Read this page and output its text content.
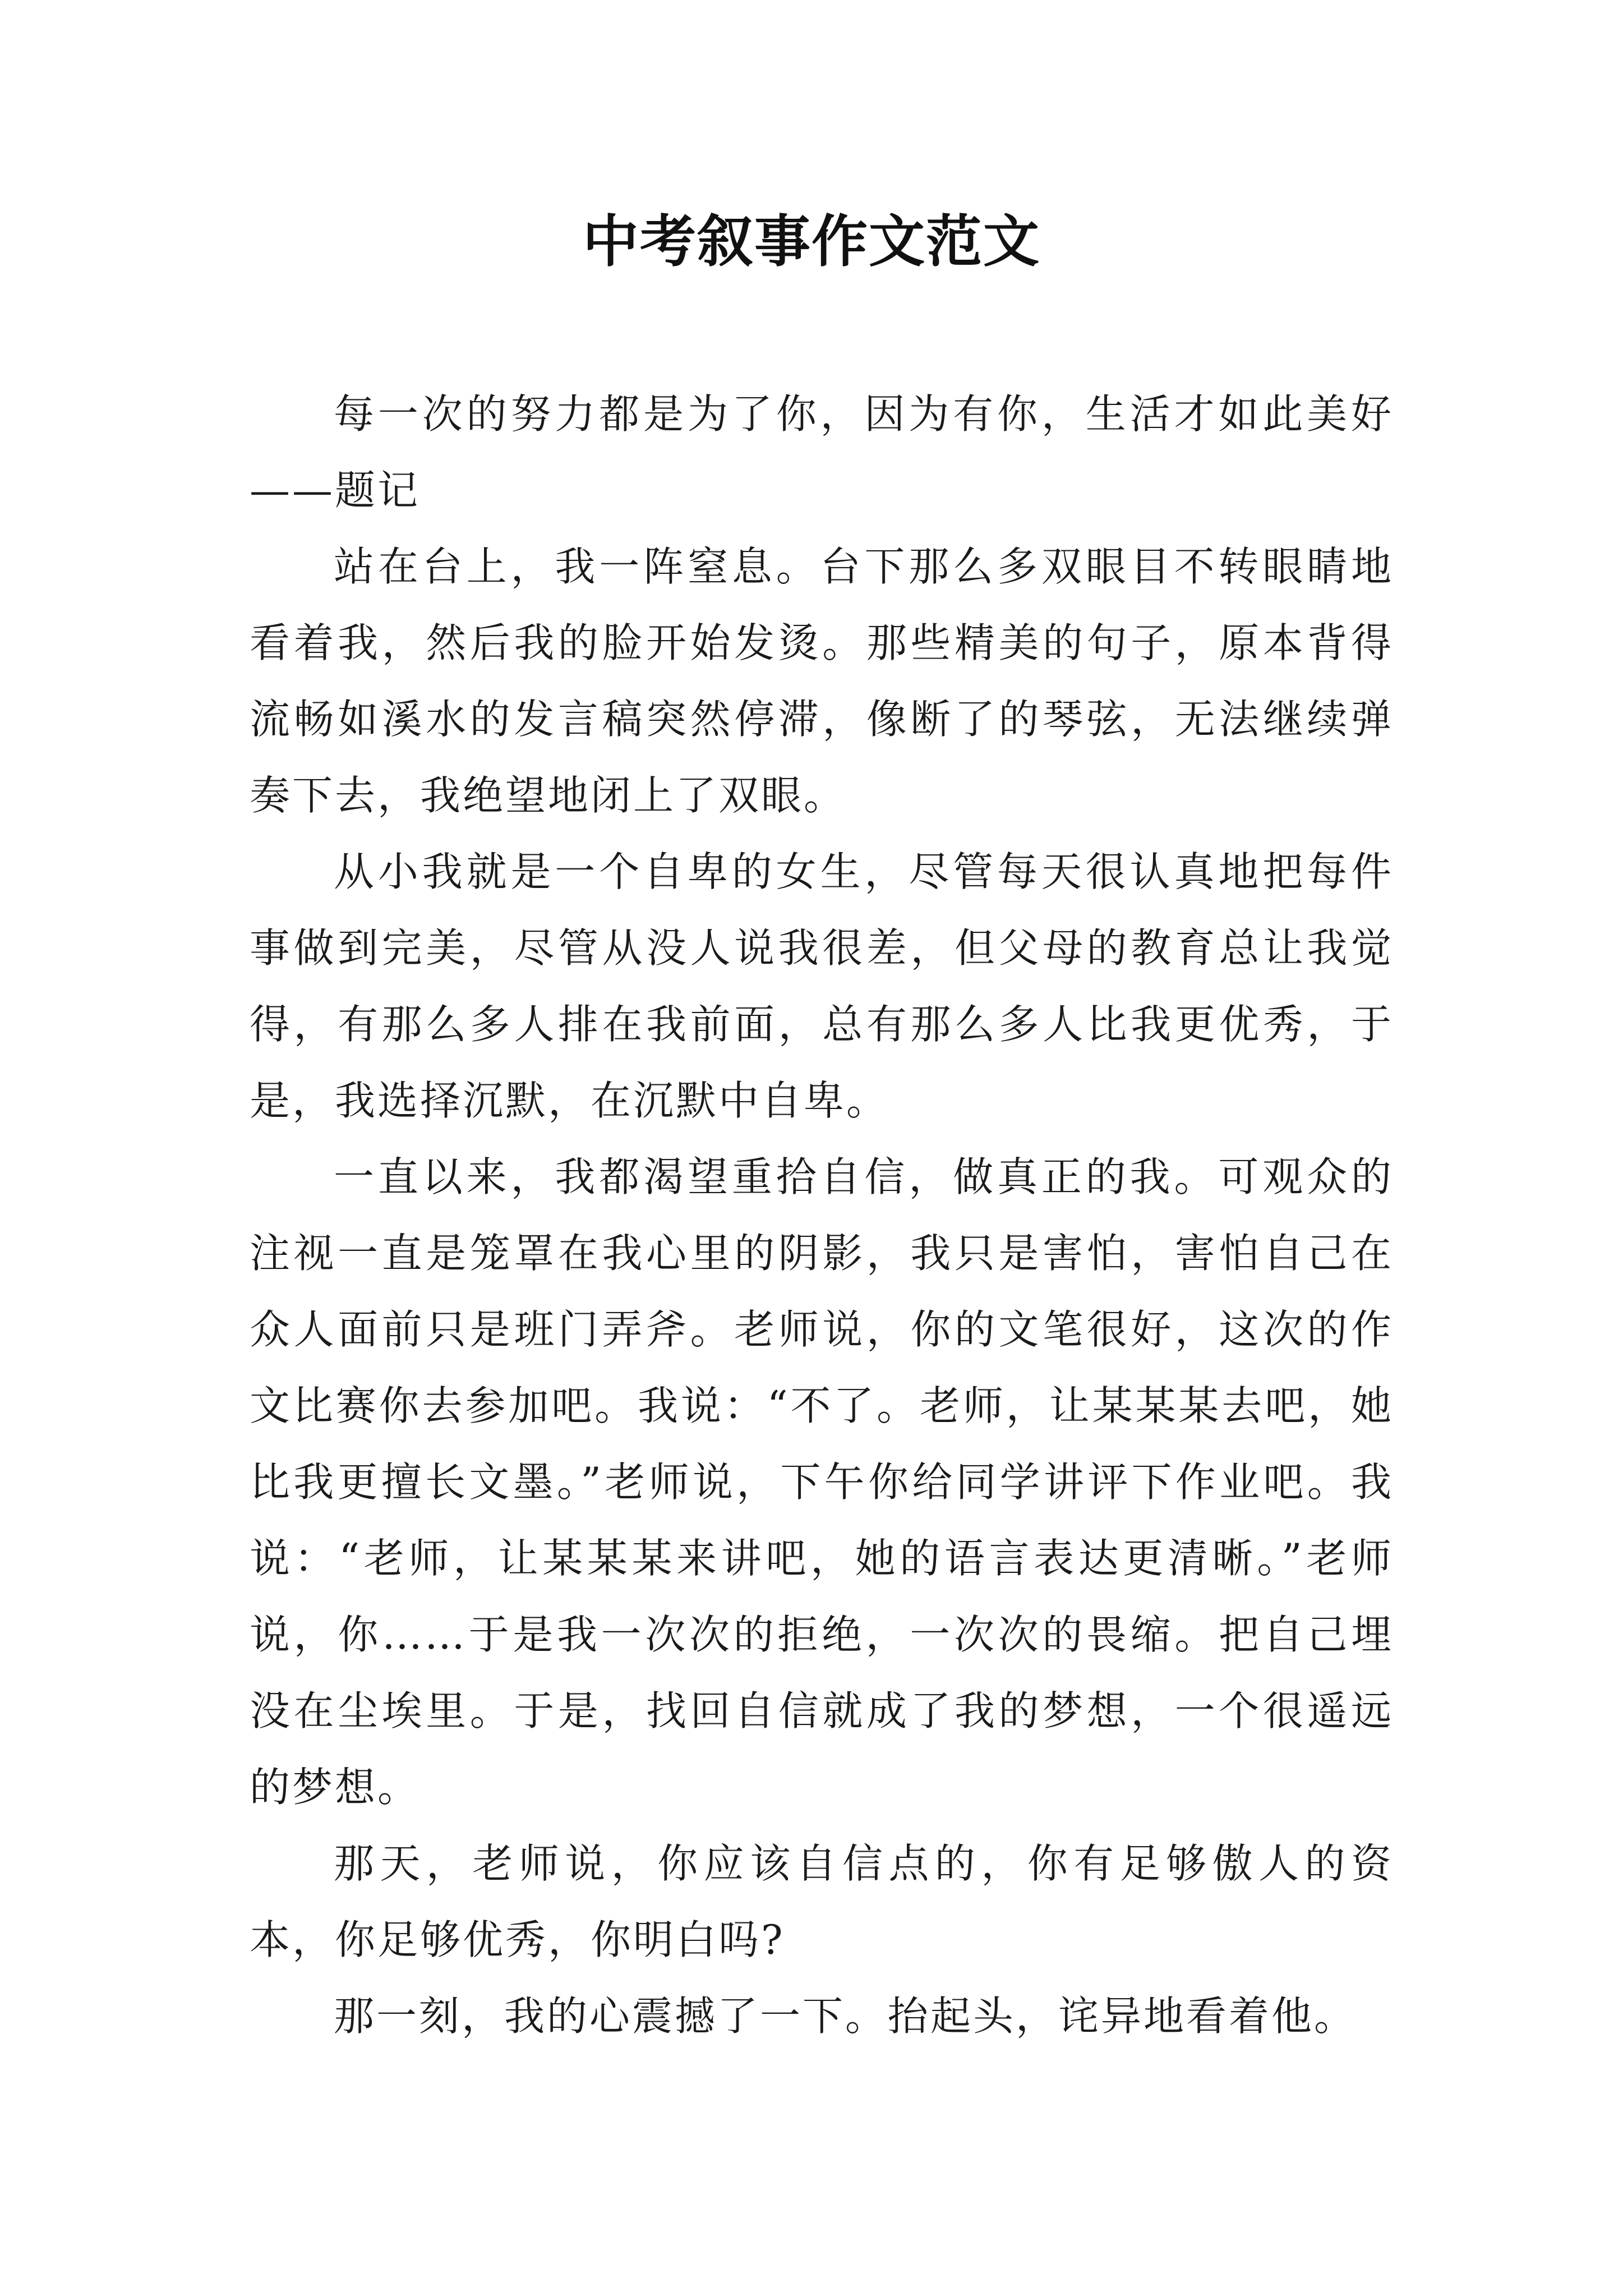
中考叙事作文范文

每一次的努力都是为了你，因为有你，生活才如此美好——题记

站在台上，我一阵窒息。台下那么多双眼目不转眼睛地看着我，然后我的脸开始发烫。那些精美的句子，原本背得流畅如溪水的发言稿突然停滞，像断了的琴弦，无法继续弹奏下去，我绝望地闭上了双眼。

从小我就是一个自卑的女生，尽管每天很认真地把每件事做到完美，尽管从没人说我很差，但父母的教育总让我觉得，有那么多人排在我前面，总有那么多人比我更优秀，于是，我选择沉默，在沉默中自卑。

一直以来，我都渴望重拾自信，做真正的我。可观众的注视一直是笼罩在我心里的阴影，我只是害怕，害怕自己在众人面前只是班门弄斧。老师说，你的文笔很好，这次的作文比赛你去参加吧。我说：“不了。老师，让某某某去吧，她比我更擅长文墨。”老师说，下午你给同学讲评下作业吧。我说：“老师，让某某某来讲吧，她的语言表达更清晰。”老师说，你……于是我一次次的拒绝，一次次的畏缩。把自己埋没在尘埃里。于是，找回自信就成了我的梦想，一个很遥远的梦想。

那天，老师说，你应该自信点的，你有足够傲人的资本，你足够优秀，你明白吗?

那一刻，我的心震撼了一下。抬起头，诧异地看着他。
